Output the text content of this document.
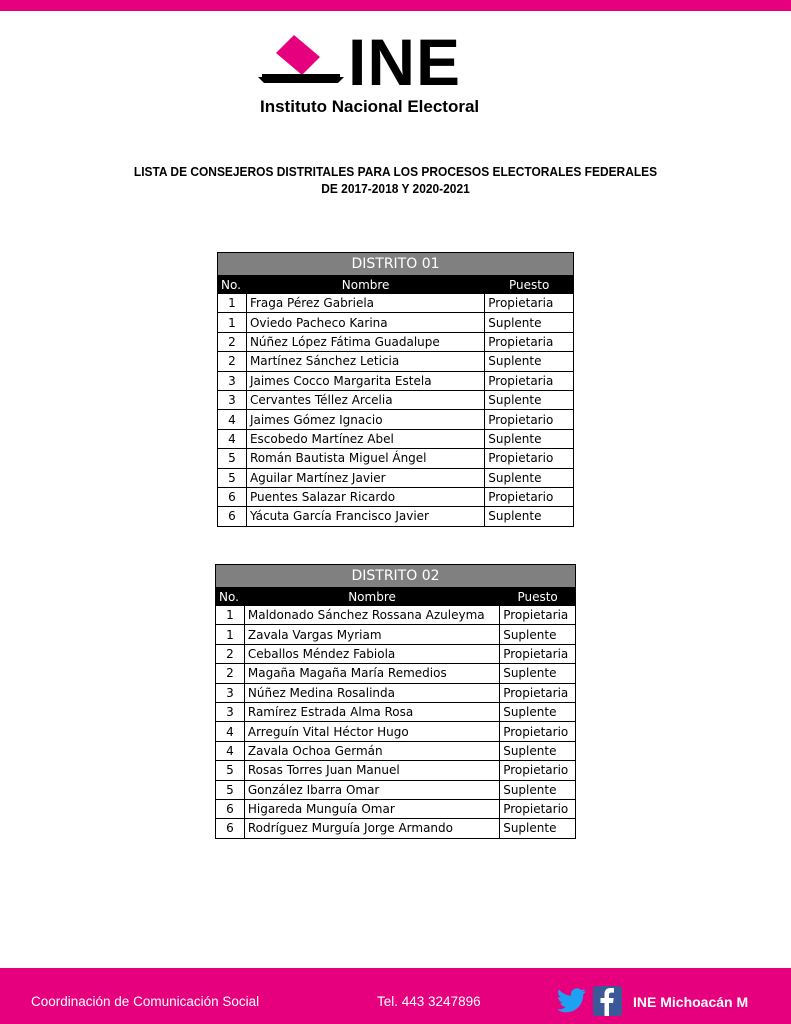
INE
Instituto Nacional Electoral
LISTA DE CONSEJEROS DISTRITALES PARA LOS PROCESOS ELECTORALES FEDERALES
DE 2017-2018 Y 2020-2021
DISTRITO 01		
No.	Nombre	Puesto
1	Fraga Pérez Gabriela	Propietaria
1	Oviedo Pacheco Karina	Suplente
2	Núñez López Fátima Guadalupe	Propietaria
2	Martínez Sánchez Leticia	Suplente
3	Jaimes Cocco Margarita Estela	Propietaria
3	Cervantes Téllez Arcelia	Suplente
4	Jaimes Gómez Ignacio	Propietario
4	Escobedo Martínez Abel	Suplente
5	Román Bautista Miguel Ángel	Propietario
5	Aguilar Martínez Javier	Suplente
6	Puentes Salazar Ricardo	Propietario
6	Yácuta García Francisco Javier	Suplente
DISTRITO 02		
No.	Nombre	Puesto
1	Maldonado Sánchez Rossana Azuleyma	Propietaria
1	Zavala Vargas Myriam	Suplente
2	Ceballos Méndez Fabiola	Propietaria
2	Magaña Magaña María Remedios	Suplente
3	Núñez Medina Rosalinda	Propietaria
3	Ramírez Estrada Alma Rosa	Suplente
4	Arreguín Vital Héctor Hugo	Propietario
4	Zavala Ochoa Germán	Suplente
5	Rosas Torres Juan Manuel	Propietario
5	González Ibarra Omar	Suplente
6	Higareda Munguía Omar	Propietario
6	Rodríguez Murguía Jorge Armando	Suplente
Coordinación de Comunicación Social	Tel. 443 3247896	INE Michoacán M
